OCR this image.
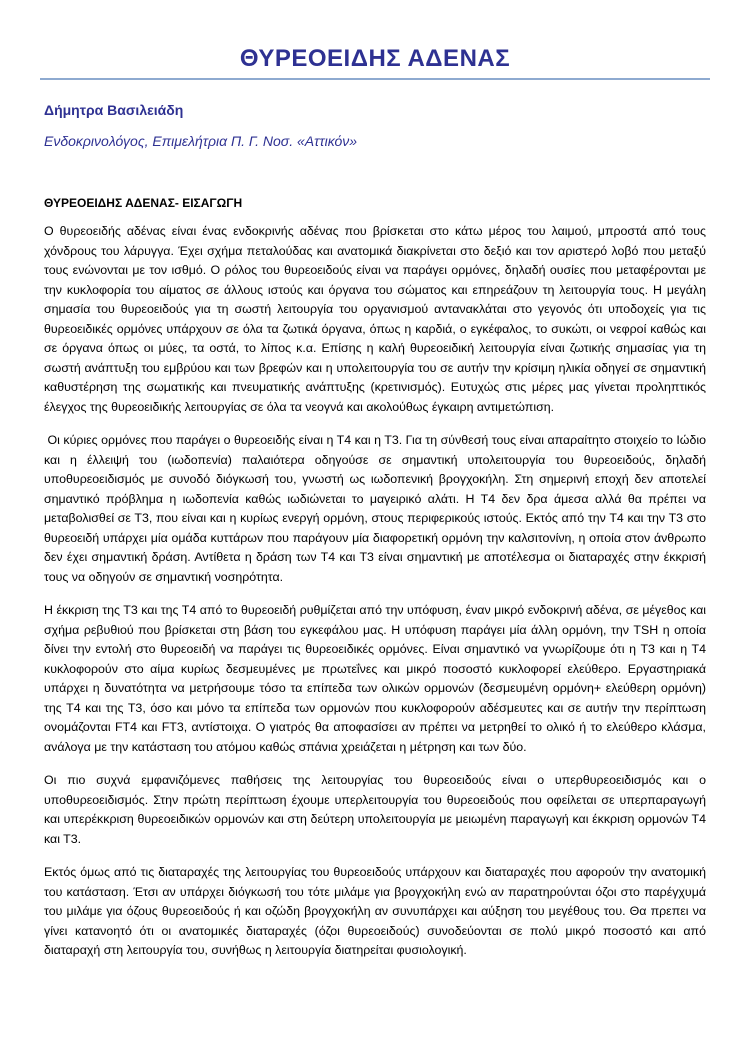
ΘΥΡΕΟΕΙΔΗΣ ΑΔΕΝΑΣ

Δήμητρα Βασιλειάδη

Ενδοκρινολόγος, Επιμελήτρια Π. Γ. Νοσ. «Αττικόν»

ΘΥΡΕΟΕΙΔΗΣ ΑΔΕΝΑΣ- ΕΙΣΑΓΩΓΗ

Ο θυρεοειδής αδένας είναι ένας ενδοκρινής αδένας που βρίσκεται στο κάτω μέρος του λαιμού, μπροστά από τους χόνδρους του λάρυγγα. Έχει σχήμα πεταλούδας και ανατομικά διακρίνεται στο δεξιό και τον αριστερό λοβό που μεταξύ τους ενώνονται με τον ισθμό. Ο ρόλος του θυρεοειδούς είναι να παράγει ορμόνες, δηλαδή ουσίες που μεταφέρονται με την κυκλοφορία του αίματος σε άλλους ιστούς και όργανα του σώματος και επηρεάζουν τη λειτουργία τους. Η μεγάλη σημασία του θυρεοειδούς για τη σωστή λειτουργία του οργανισμού αντανακλάται στο γεγονός ότι υποδοχείς για τις θυρεοειδικές ορμόνες υπάρχουν σε όλα τα ζωτικά όργανα, όπως η καρδιά, ο εγκέφαλος, το συκώτι, οι νεφροί καθώς και σε όργανα όπως οι μύες, τα οστά, το λίπος κ.α. Επίσης η καλή θυρεοειδική λειτουργία είναι ζωτικής σημασίας για τη σωστή ανάπτυξη του εμβρύου και των βρεφών και η υπολειτουργία του σε αυτήν την κρίσιμη ηλικία οδηγεί σε σημαντική καθυστέρηση της σωματικής και πνευματικής ανάπτυξης (κρετινισμός). Ευτυχώς στις μέρες μας γίνεται προληπτικός έλεγχος της θυρεοειδικής λειτουργίας σε όλα τα νεογνά και ακολούθως έγκαιρη αντιμετώπιση.

Οι κύριες ορμόνες που παράγει ο θυρεοειδής είναι η Τ4 και η Τ3. Για τη σύνθεσή τους είναι απαραίτητο στοιχείο το Ιώδιο και η έλλειψή του (ιωδοπενία) παλαιότερα οδηγούσε σε σημαντική υπολειτουργία του θυρεοειδούς, δηλαδή υποθυρεοειδισμός με συνοδό διόγκωσή του, γνωστή ως ιωδοπενική βρογχοκήλη. Στη σημερινή εποχή δεν αποτελεί σημαντικό πρόβλημα η ιωδοπενία καθώς ιωδιώνεται το μαγειρικό αλάτι. Η Τ4 δεν δρα άμεσα αλλά θα πρέπει να μεταβολισθεί σε Τ3, που είναι και η κυρίως ενεργή ορμόνη, στους περιφερικούς ιστούς. Εκτός από την Τ4 και την Τ3 στο θυρεοειδή υπάρχει μία ομάδα κυττάρων που παράγουν μία διαφορετική ορμόνη την καλσιτονίνη, η οποία στον άνθρωπο δεν έχει σημαντική δράση. Αντίθετα η δράση των Τ4 και Τ3 είναι σημαντική με αποτέλεσμα οι διαταραχές στην έκκρισή τους να οδηγούν σε σημαντική νοσηρότητα.

Η έκκριση της Τ3 και της Τ4 από το θυρεοειδή ρυθμίζεται από την υπόφυση, έναν μικρό ενδοκρινή αδένα, σε μέγεθος και σχήμα ρεβυθιού που βρίσκεται στη βάση του εγκεφάλου μας. Η υπόφυση παράγει μία άλλη ορμόνη, την TSH η οποία δίνει την εντολή στο θυρεοειδή να παράγει τις θυρεοειδικές ορμόνες. Είναι σημαντικό να γνωρίζουμε ότι η Τ3 και η Τ4 κυκλοφορούν στο αίμα κυρίως δεσμευμένες με πρωτεΐνες και μικρό ποσοστό κυκλοφορεί ελεύθερο. Εργαστηριακά υπάρχει η δυνατότητα να μετρήσουμε τόσο τα επίπεδα των ολικών ορμονών (δεσμευμένη ορμόνη+ ελεύθερη ορμόνη) της Τ4 και της Τ3, όσο και μόνο τα επίπεδα των ορμονών που κυκλοφορούν αδέσμευτες και σε αυτήν την περίπτωση ονομάζονται FT4 και FT3, αντίστοιχα. Ο γιατρός θα αποφασίσει αν πρέπει να μετρηθεί το ολικό ή το ελεύθερο κλάσμα, ανάλογα με την κατάσταση του ατόμου καθώς σπάνια χρειάζεται η μέτρηση και των δύο.

Οι πιο συχνά εμφανιζόμενες παθήσεις της λειτουργίας του θυρεοειδούς είναι ο υπερθυρεοειδισμός και ο υποθυρεοειδισμός. Στην πρώτη περίπτωση έχουμε υπερλειτουργία του θυρεοειδούς που οφείλεται σε υπερπαραγωγή και υπερέκκριση θυρεοειδικών ορμονών και στη δεύτερη υπολειτουργία με μειωμένη παραγωγή και έκκριση ορμονών Τ4 και Τ3.

Εκτός όμως από τις διαταραχές της λειτουργίας του θυρεοειδούς υπάρχουν και διαταραχές που αφορούν την ανατομική του κατάσταση. Έτσι αν υπάρχει διόγκωσή του τότε μιλάμε για βρογχοκήλη ενώ αν παρατηρούνται όζοι στο παρέγχυμά του μιλάμε για όζους θυρεοειδούς ή και οζώδη βρογχοκήλη αν συνυπάρχει και αύξηση του μεγέθους του. Θα πρεπει να γίνει κατανοητό ότι οι ανατομικές διαταραχές (όζοι θυρεοειδούς) συνοδεύονται σε πολύ μικρό ποσοστό και από διαταραχή στη λειτουργία του, συνήθως η λειτουργία διατηρείται φυσιολογική.
